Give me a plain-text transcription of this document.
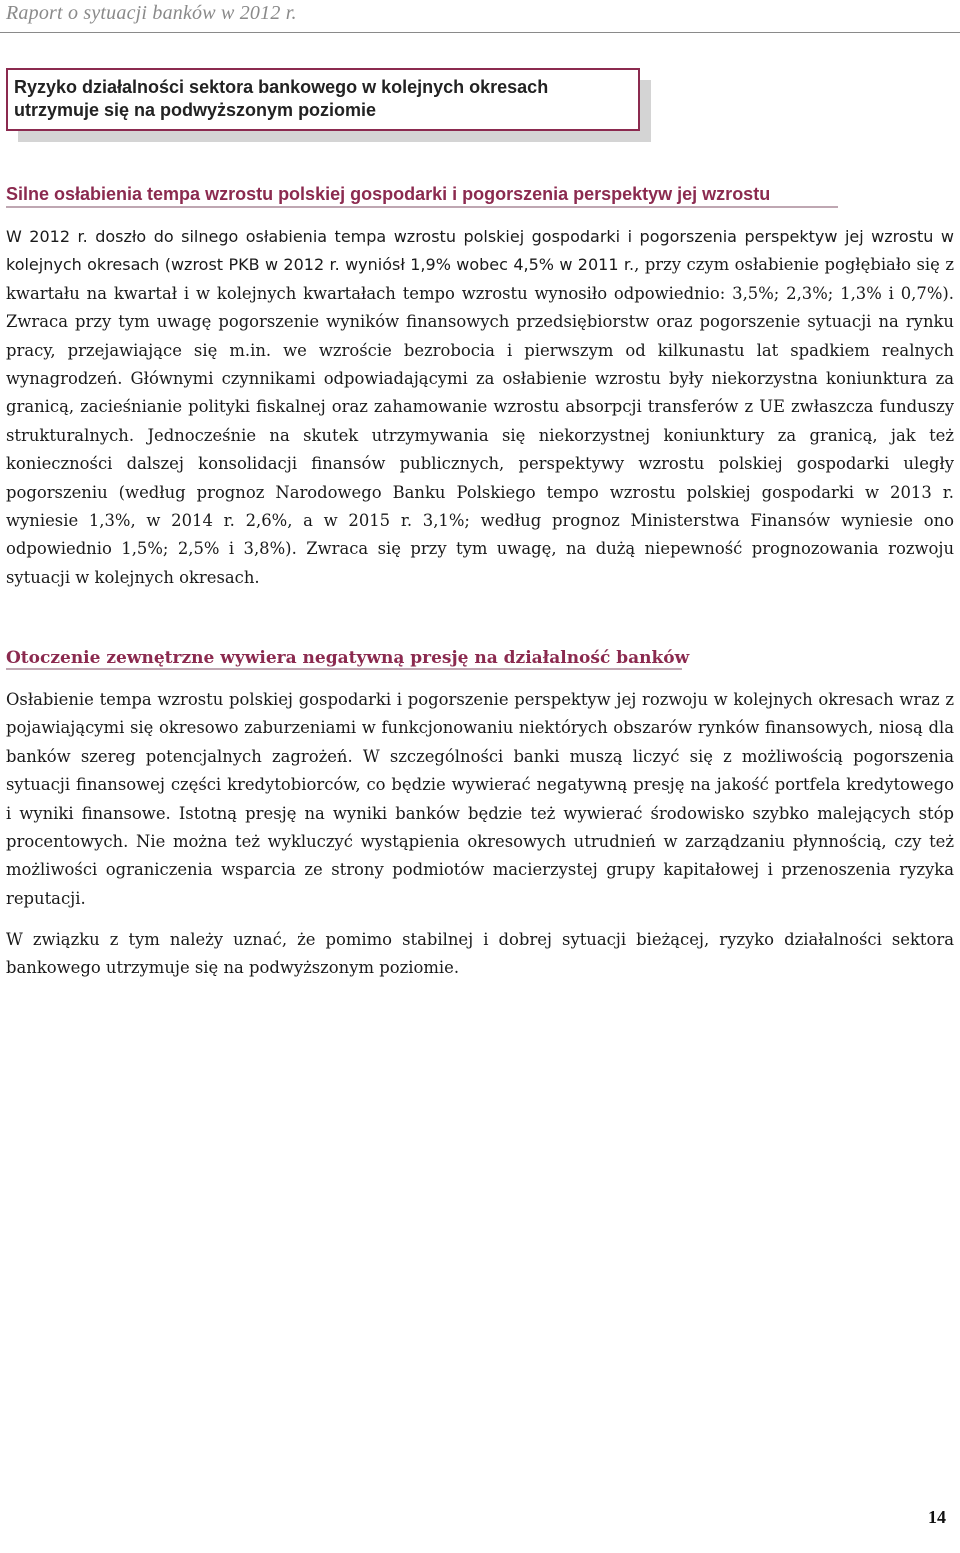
Raport o sytuacji banków w 2012 r.
Ryzyko działalności sektora bankowego w kolejnych okresach
utrzymuje się na podwyższonym poziomie
Silne osłabienia tempa wzrostu polskiej gospodarki i pogorszenia perspektyw jej wzrostu

W 2012 r. doszło do silnego osłabienia tempa wzrostu polskiej gospodarki i pogorszenia perspektyw jej wzrostu w kolejnych okresach (wzrost PKB w 2012 r. wyniósł 1,9% wobec 4,5% w 2011 r., przy czym osłabienie pogłębiało się z kwartału na kwartał i w kolejnych kwartałach tempo wzrostu wynosiło odpowiednio: 3,5%; 2,3%; 1,3% i 0,7%). Zwraca przy tym uwagę pogorszenie wyników finansowych przedsiębiorstw oraz pogorszenie sytuacji na rynku pracy, przejawiające się m.in. we wzroście bezrobocia i pierwszym od kilkunastu lat spadkiem realnych wynagrodzeń. Głównymi czynnikami odpowiadającymi za osłabienie wzrostu były niekorzystna koniunktura za granicą, zacieśnianie polityki fiskalnej oraz zahamowanie wzrostu absorpcji transferów z UE zwłaszcza funduszy strukturalnych. Jednocześnie na skutek utrzymywania się niekorzystnej koniunktury za granicą, jak też konieczności dalszej konsolidacji finansów publicznych, perspektywy wzrostu polskiej gospodarki uległy pogorszeniu (według prognoz Narodowego Banku Polskiego tempo wzrostu polskiej gospodarki w 2013 r. wyniesie 1,3%, w 2014 r. 2,6%, a w 2015 r. 3,1%; według prognoz Ministerstwa Finansów wyniesie ono odpowiednio 1,5%; 2,5% i 3,8%). Zwraca się przy tym uwagę, na dużą niepewność prognozowania rozwoju sytuacji w kolejnych okresach.

Otoczenie zewnętrzne wywiera negatywną presję na działalność banków

Osłabienie tempa wzrostu polskiej gospodarki i pogorszenie perspektyw jej rozwoju w kolejnych okresach wraz z pojawiającymi się okresowo zaburzeniami w funkcjonowaniu niektórych obszarów rynków finansowych, niosą dla banków szereg potencjalnych zagrożeń. W szczególności banki muszą liczyć się z możliwością pogorszenia sytuacji finansowej części kredytobiorców, co będzie wywierać negatywną presję na jakość portfela kredytowego i wyniki finansowe. Istotną presję na wyniki banków będzie też wywierać środowisko szybko malejących stóp procentowych. Nie można też wykluczyć wystąpienia okresowych utrudnień w zarządzaniu płynnością, czy też możliwości ograniczenia wsparcia ze strony podmiotów macierzystej grupy kapitałowej i przenoszenia ryzyka reputacji.

W związku z tym należy uznać, że pomimo stabilnej i dobrej sytuacji bieżącej, ryzyko działalności sektora bankowego utrzymuje się na podwyższonym poziomie.

14
